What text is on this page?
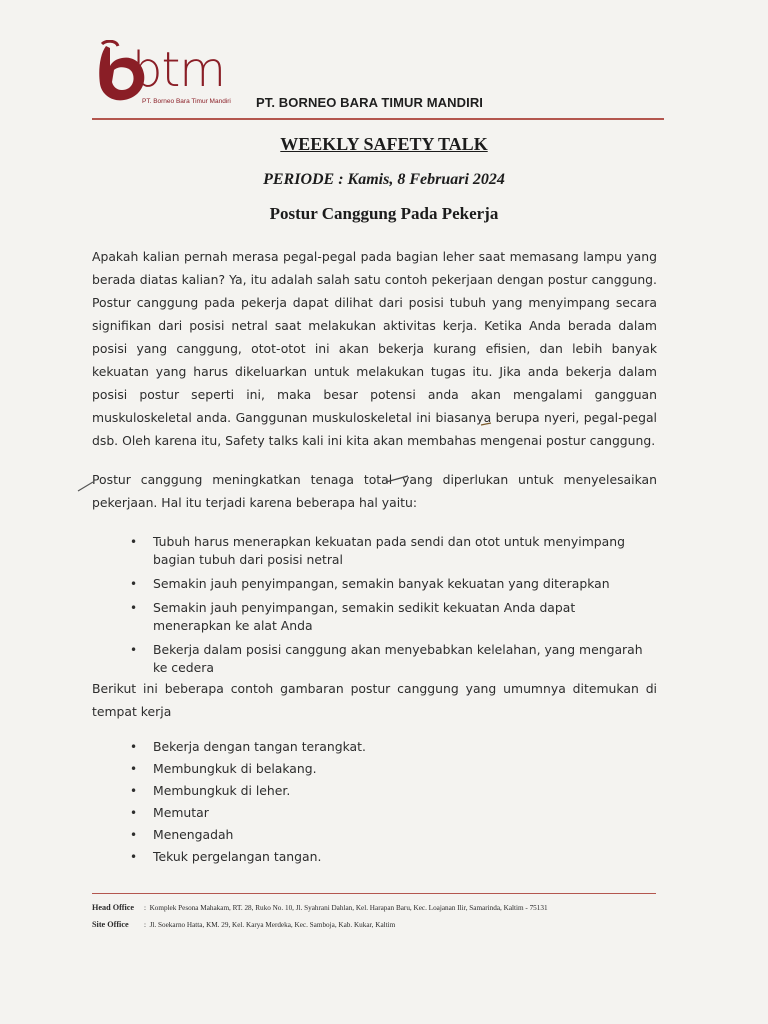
btm
PT. Borneo Bara Timur Mandiri PT. BORNEO BARA TIMUR MANDIRI
WEEKLY SAFETY TALK
PERIODE : Kamis, 8 Februari 2024
Postur Canggung Pada Pekerja

Apakah kalian pernah merasa pegal-pegal pada bagian leher saat memasang lampu yang berada diatas kalian? Ya, itu adalah salah satu contoh pekerjaan dengan postur canggung. Postur canggung pada pekerja dapat dilihat dari posisi tubuh yang menyimpang secara signifikan dari posisi netral saat melakukan aktivitas kerja. Ketika Anda berada dalam posisi yang canggung, otot-otot ini akan bekerja kurang efisien, dan lebih banyak kekuatan yang harus dikeluarkan untuk melakukan tugas itu. Jika anda bekerja dalam posisi postur seperti ini, maka besar potensi anda akan mengalami gangguan muskuloskeletal anda. Ganggunan muskuloskeletal ini biasanya berupa nyeri, pegal-pegal dsb. Oleh karena itu, Safety talks kali ini kita akan membahas mengenai postur canggung.

Postur canggung meningkatkan tenaga total yang diperlukan untuk menyelesaikan pekerjaan. Hal itu terjadi karena beberapa hal yaitu:

• Tubuh harus menerapkan kekuatan pada sendi dan otot untuk menyimpang bagian tubuh dari posisi netral
• Semakin jauh penyimpangan, semakin banyak kekuatan yang diterapkan
• Semakin jauh penyimpangan, semakin sedikit kekuatan Anda dapat menerapkan ke alat Anda
• Bekerja dalam posisi canggung akan menyebabkan kelelahan, yang mengarah ke cedera

Berikut ini beberapa contoh gambaran postur canggung yang umumnya ditemukan di tempat kerja

• Bekerja dengan tangan terangkat.
• Membungkuk di belakang.
• Membungkuk di leher.
• Memutar
• Menengadah
• Tekuk pergelangan tangan.
Head Office :  Komplek Pesona Mahakam, RT. 28, Ruko No. 10, Jl. Syahrani Dahlan, Kel. Harapan Baru, Kec. Loajanan Ilir, Samarinda, Kaltim - 75131
Site Office :  Jl. Soekarno Hatta, KM. 29, Kel. Karya Merdeka, Kec. Samboja, Kab. Kukar, Kaltim
